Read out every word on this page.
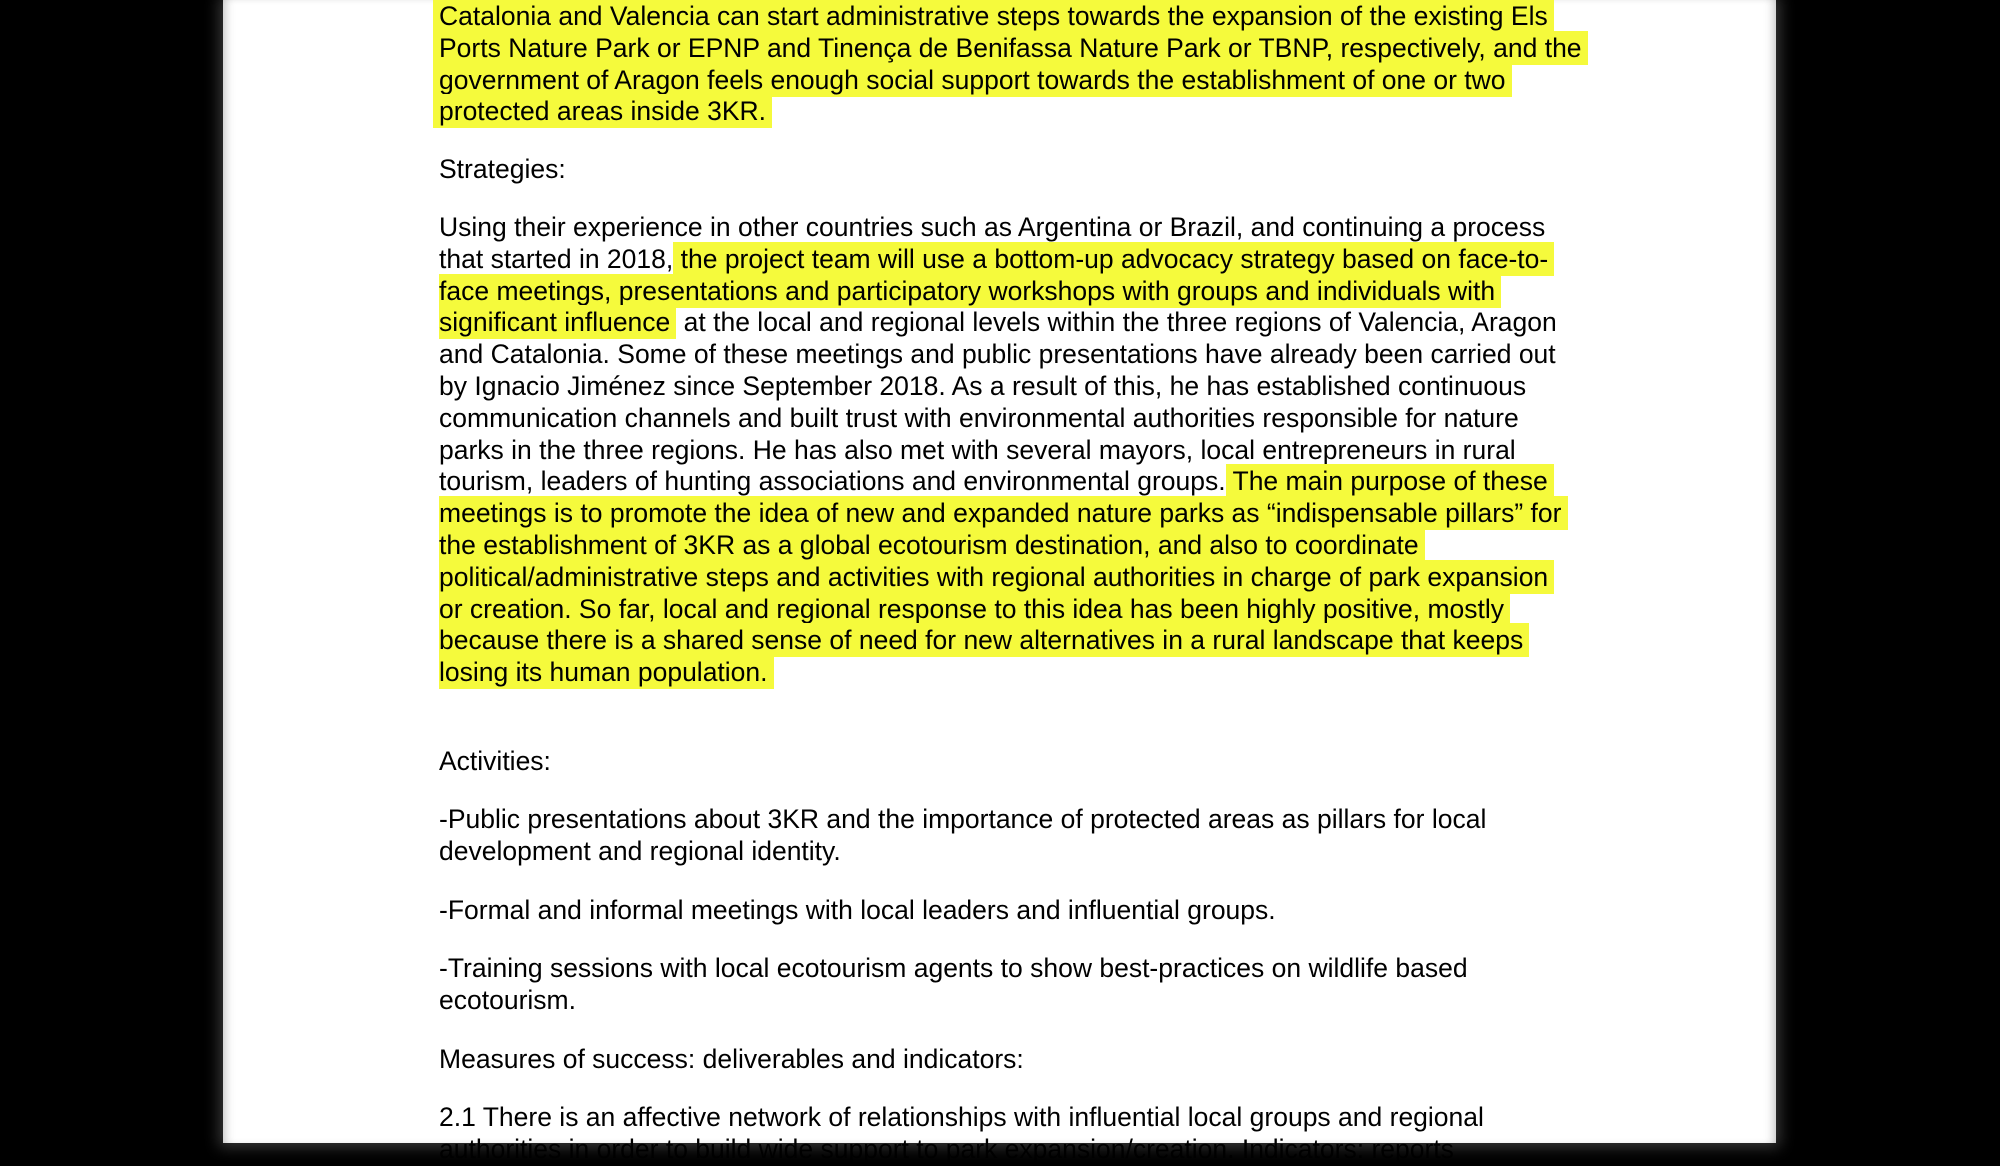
Catalonia and Valencia can start administrative steps towards the expansion of the existing Els Ports Nature Park or EPNP and Tinença de Benifassa Nature Park or TBNP, respectively, and the government of Aragon feels enough social support towards the establishment of one or two protected areas inside 3KR.

Strategies:

Using their experience in other countries such as Argentina or Brazil, and continuing a process that started in 2018, the project team will use a bottom-up advocacy strategy based on face-to-face meetings, presentations and participatory workshops with groups and individuals with significant influence at the local and regional levels within the three regions of Valencia, Aragon and Catalonia. Some of these meetings and public presentations have already been carried out by Ignacio Jiménez since September 2018. As a result of this, he has established continuous communication channels and built trust with environmental authorities responsible for nature parks in the three regions. He has also met with several mayors, local entrepreneurs in rural tourism, leaders of hunting associations and environmental groups. The main purpose of these meetings is to promote the idea of new and expanded nature parks as “indispensable pillars” for the establishment of 3KR as a global ecotourism destination, and also to coordinate political/administrative steps and activities with regional authorities in charge of park expansion or creation. So far, local and regional response to this idea has been highly positive, mostly because there is a shared sense of need for new alternatives in a rural landscape that keeps losing its human population.

Activities:

-Public presentations about 3KR and the importance of protected areas as pillars for local development and regional identity.

-Formal and informal meetings with local leaders and influential groups.

-Training sessions with local ecotourism agents to show best-practices on wildlife based ecotourism.

Measures of success: deliverables and indicators:

2.1 There is an affective network of relationships with influential local groups and regional authorities in order to build wide support to park expansion/creation. Indicators: reports
